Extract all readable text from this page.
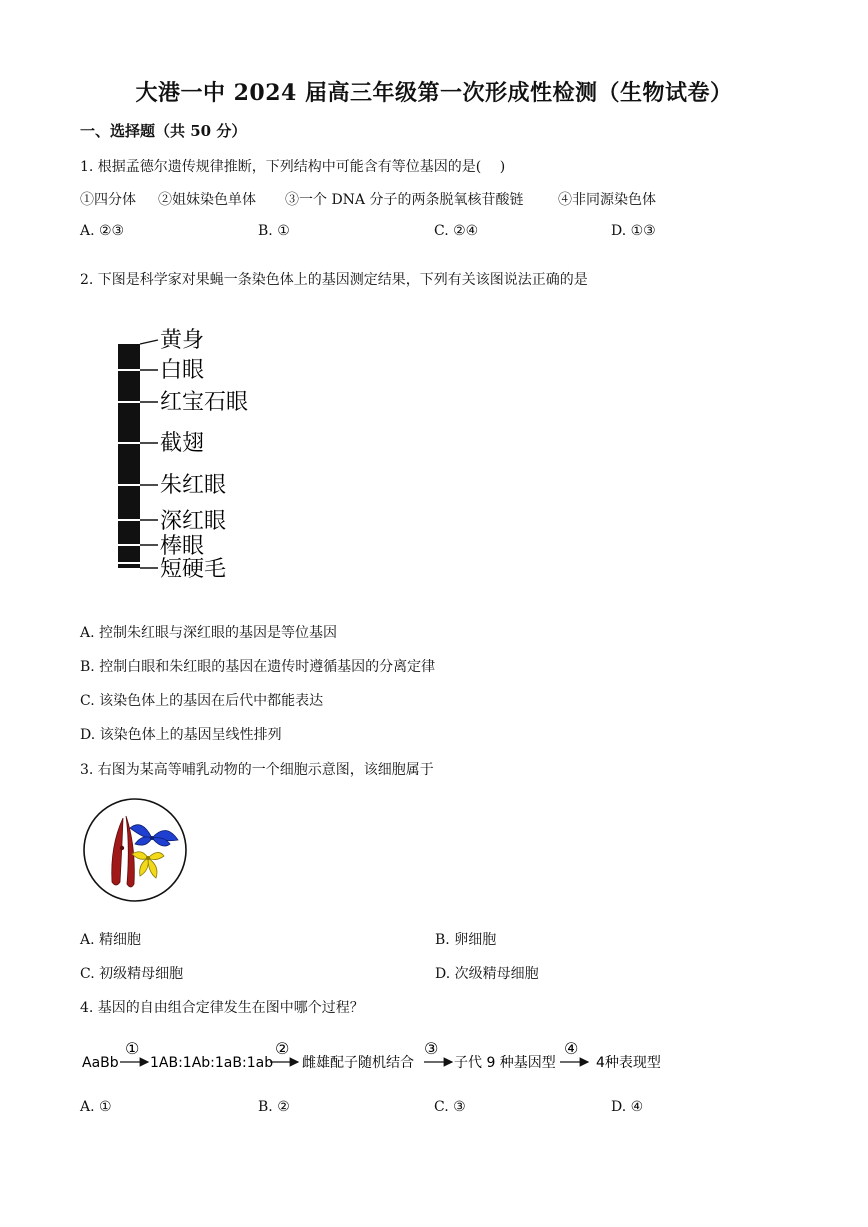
大港一中 2024 届高三年级第一次形成性检测（生物试卷）
一、选择题（共 50 分）
1. 根据孟德尔遗传规律推断，下列结构中可能含有等位基因的是(　 )
①四分体 ②姐妹染色单体 ③一个 DNA 分子的两条脱氧核苷酸链 ④非同源染色体
A. ②③	B. ①	C. ②④	D. ①③
2. 下图是科学家对果蝇一条染色体上的基因测定结果，下列有关该图说法正确的是
黄身
白眼
红宝石眼
截翅
朱红眼
深红眼
棒眼
短硬毛
A. 控制朱红眼与深红眼的基因是等位基因
B. 控制白眼和朱红眼的基因在遗传时遵循基因的分离定律
C. 该染色体上的基因在后代中都能表达
D. 该染色体上的基因呈线性排列
3. 右图为某高等哺乳动物的一个细胞示意图，该细胞属于
A. 精细胞	B. 卵细胞
C. 初级精母细胞	D. 次级精母细胞
4. 基因的自由组合定律发生在图中哪个过程？
AaBb
①
1AB:1Ab:1aB:1ab
②
雌雄配子随机结合
③
子代 9 种基因型
④
4种表现型
A. ①	B. ②	C. ③	D. ④
